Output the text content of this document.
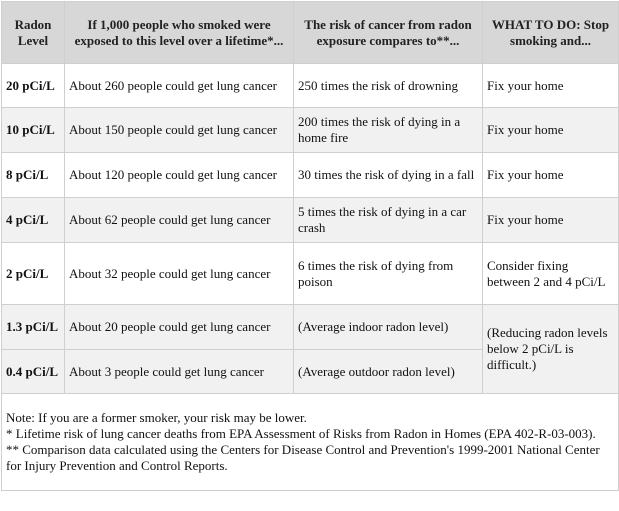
Radon Level	If 1,000 people who smoked were exposed to this level over a lifetime*...	The risk of cancer from radon exposure compares to**...	WHAT TO DO: Stop smoking and...
20 pCi/L	About 260 people could get lung cancer	250 times the risk of drowning	Fix your home
10 pCi/L	About 150 people could get lung cancer	200 times the risk of dying in a home fire	Fix your home
8 pCi/L	About 120 people could get lung cancer	30 times the risk of dying in a fall	Fix your home
4 pCi/L	About 62 people could get lung cancer	5 times the risk of dying in a car crash	Fix your home
2 pCi/L	About 32 people could get lung cancer	6 times the risk of dying from poison	Consider fixing between 2 and 4 pCi/L
1.3 pCi/L	About 20 people could get lung cancer	(Average indoor radon level)	(Reducing radon levels below 2 pCi/L is difficult.)
0.4 pCi/L	About 3 people could get lung cancer	(Average outdoor radon level)	

Note: If you are a former smoker, your risk may be lower.
* Lifetime risk of lung cancer deaths from EPA Assessment of Risks from Radon in Homes (EPA 402-R-03-003).
** Comparison data calculated using the Centers for Disease Control and Prevention's 1999-2001 National Center for Injury Prevention and Control Reports.			
